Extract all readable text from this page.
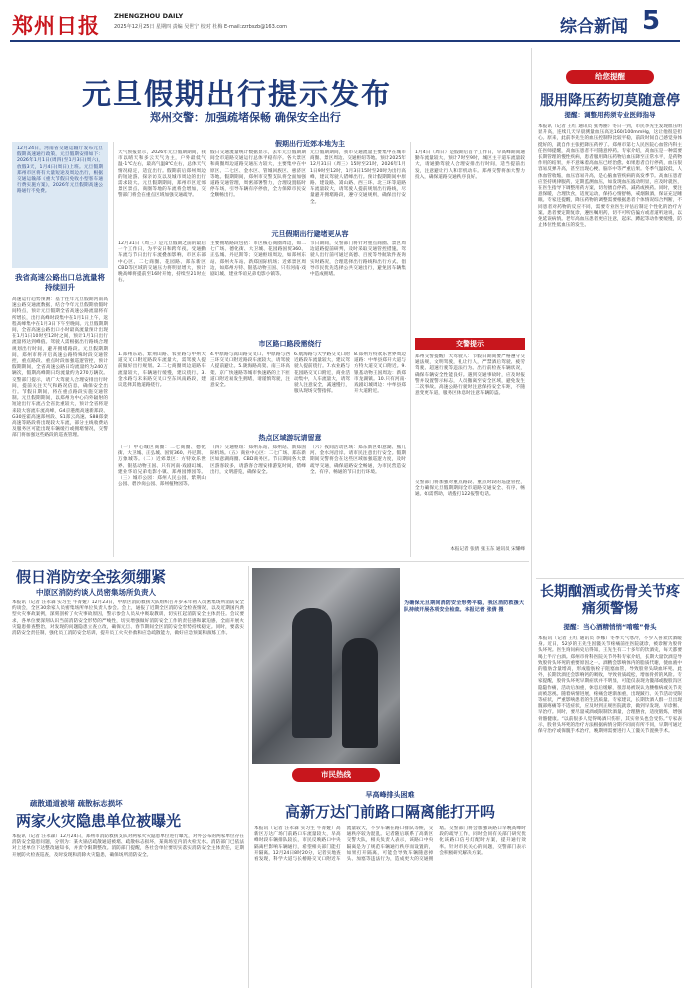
郑州日报 ZHENGZHOU DAILY
2025年12月25日 星期四 责编 吴世宁 校对 杜梅 E-mail:zzrbszb@163.com	综合新闻 5
元旦假期出行提示发布
郑州交警：加强疏堵保畅 确保安全出行
12月24日，河南省交通运输厅发布元旦假期高速通行政策，元旦假期安排如下：2026年1月1日(周四)至1月3日(周六)，放假3天，1月4日(周日)上班。元旦假期郑州市区将有大量短途及周边出行，根据交通运输部《重大节假日免收小型客车通行费实施方案》，2026年元旦假期高速公路通行不免费。
我省高速公路出口总流量将持续回升
高速运行趋势预测：基于往年元旦假期河南高速公路交通流数据，结合今年元旦假期放假时间特点，预计元旦假期全省高速公路流量将有所增长，出行高峰时段集中在1月1日上午，返程高峰集中在1月3日下午至晚间。元旦假期期间，全省高速公路出口小时最高流量预计出现在1月1日10时至12时之间，预计1月1日出行流量将达到峰值。驾驶人需根据出行路线合理规划出行时间，避开拥堵路段。元旦假期期间，郑州市将开启高速公路特殊时段交通管控，重点路段、重点时段加强巡逻管控，预计假期期间，全省高速公路日均流量约为240万辆次，假期高峰期日均流量约为270万辆次。交警部门提示，请广大驾驶人合理安排出行时间，提前关注天气和路况信息，确保安全出行。节假日期间，将在重点路段实施交通管制。元旦假期期间，以郑州为中心向外辐射的短途出行车流占全省比重较大，预计全省将迎来较大客流车流高峰，G4京港澳高速新郑段、G30连霍高速郑州段、S1郑云高速、S88郑栾高速等路段将出现较大车流，部分主线收费站及服务区可能出现车辆缓行或拥堵情况，交警部门将加强这些路段的巡查管理。
假期出行近郊本地为主
天气预报显示，2026年元旦假期期间，我市以晴天和多云天气为主，户外最低气温-1℃左右，最高气温8℃左右，总体天气情况稳定，适宜出行。假期前后郑州周边的短途游、探亲访友以及城市周边的出行需求较大。元旦假期期间，郑州市区近郊景区景点、商圈等地的车流将会增加，交警部门将会在重点区域加强交通疏导。
假日交通流量统计数据显示，去年元旦假期期间全市道路交通运行总体平稳有序。各大景区和商圈周边道路交通压力较大，主要集中在中原区、二七区、金水区、管城回族区、惠济区等地。假期期间，郑州市交警支队将全面加强道路交通管理，周密部署警力，合理设置临时停车场，引导车辆有序停放，全力保障市民安全顺畅出行。
元旦假期期间，我市交通流量主要集中在城市商圈、景区周边、交通枢纽等地。预计2025年12月31日（周三）15时至21时，2026年1月1日9时至12时，1月3日15时至20时为出行高峰，建议驾驶人错峰出行。预计假期期间中原路、建设路、嵩山路、西三环、北三环等道路车流量较大，请驾驶人提前规划出行路线，尽量避开拥堵路段，遵守交通规则，确保出行安全。
元旦假期出行避堵更从容
12月31日（周三）是元旦假期之前的最后一个工作日，为平安日和跨年夜。受通勤车流与节日出行车流叠加影响，市区东部中心区、二七商圈、花园路、郑东新区CBD等区域的交通压力将明显增大，预计晚高峰将提前至16时开始，持续至21时左右。
主要拥堵路段包括：市区核心商圈周边，如二七广场、德化街、大卫城、花园路国贸360、正弘城、丹尼斯等；交通枢纽周边，如郑州东站、郑州火车站、新郑国际机场；近郊景区周边，如郑州方特、银基动物王国、只有河南·戏剧幻城、建业华谊兄弟电影小镇等。
节日期间，交警部门将针对重点商圈、景区周边道路提前研判，及时采取交通管控措施。驾驶人出行前可通过高德、百度等导航软件查询实时路况，合理选择出行路线和出行方式。倡导市民优先选择公共交通出行，避免因车辆集中造成拥堵。
市区路口路段需绕行
1.郑州东站、紫荆山路、农业路与中州大道交叉口附近路段车流量大，需驾驶人提前做好出行规划。2.二七商圈周边道路车流量较大，车辆通行缓慢，建议绕行。3.金水路与未来路交叉口至东风南路段，建议选择其他道路绕行。
4.中原路与嵩山路交叉口、中原路与西三环交叉口附近路段车流较大，请驾驶人提前避让。5.陇海路高架、南三环高架、京广快速路等城市快速路的上下匝道口附近易发生拥堵，请谨慎驾驶，注意安全。
6.航海路与大学路交叉口附近路段车流量较大，建议驾驶人提前绕行。7.农业路与花园路交叉口附近，商业活动集中，人车流量大，请驾驶人注意安全，减速慢行，服从现场交警指挥。
8.郑州方特欢乐世界周边道路：中牟县郑开大道与方特大道交叉口附近。9.银基动物王国周边：新郑市龙湖镇。10.只有河南·戏剧幻城周边：中牟县郑开大道附近。
热点区域游玩请留意
（一）中心城区商圈：二七商圈、德化街、大卫城、正弘城、国贸360、丹尼斯、万象城等。（二）近郊景区：方特欢乐世界、银基动物王国、只有河南·戏剧幻城、建业华谊兄弟电影小镇、郑州园博园等。（三）城市公园：郑州人民公园、紫荆山公园、碧沙岗公园、郑州植物园等。
（四）交通枢纽：郑州东站、郑州站、新郑国际机场。（五）商业中心区：二七广场、郑东新区如意湖商圈、CBD商务区。节日期间各大景区游客较多，请游客合理安排游览时间，错峰出行，文明游览，确保安全。
（六）夜间活动区域：郑东新区如意湖、熊儿河、金水河沿岸。请市民注意出行安全。假期期间交警将会在这些区域加强巡逻力度，及时疏导交通，确保道路安全畅通，为市民营造安全、有序、畅通的节日出行环境。
1月4日（周日）是假期后首个工作日，早高峰期间通勤车流量较大，预计7时至9时，城区主干道车流量较大，请通勤驾驶人合理安排出行时间，适当提前出发，注意避让行人和非机动车。郑州交警将加大警力投入，确保道路交通秩序良好。
交警提示
郑州交警提醒广大驾驶人：节假日期间要严格遵守交通法规，文明驾驶，礼让行人，严禁酒后驾驶、疲劳驾驶、超速行驶等违法行为。出行前检查车辆状况，确保车辆安全性能良好。遇到交通事故时，应及时报警并设置警示标志，人员撤离至安全区域，避免发生二次事故。高速公路行驶时注意保持安全车距，不随意变更车道，服务区休息时注意车辆防盗。
交警部门将加强对重点路段、重点时段的巡逻管控，全力确保元旦假期期间全市道路交通安全、有序、畅通。如需帮助，请拨打122报警电话。
本报记者 张倩 张玉东 通讯员 宋耀峰
假日消防安全弦须绷紧
中原区消防约谈人员密集场所负责人
本报讯（记者 汪永森 实习生 牛菁娅）12月23日，中原区消防救援大队组织召开岁末年初人员密集场所消防安全约谈会，全区30余家人员密集场所单位负责人参会。会上，通报了近期全区消防安全检查情况，以及近期国内典型火灾事故案例，深刻剖析了火灾事故原因，警示参会人员从中吸取教训，切实扛起消防安全主体责任。会议要求，各单位要深刻认识当前消防安全形势的严峻性，切实增强做好消防安全工作的责任感和紧迫感，全面开展火灾隐患排查整治，对发现的问题隐患立查立改，确保元旦、春节期间全区消防安全形势持续稳定。同时，要落实消防安全责任制，强化员工消防安全培训，提升员工火灾扑救和应急疏散能力，做好应急预案和演练工作。
为确保元旦期间消防安全形势平稳，我区消防救援大队持续开展各项安全检查。本报记者 张倩 摄
疏散通道被堵 疏散标志损坏
两家火灾隐患单位被曝光
本报讯（记者 汪永森）12月24日，郑州市消防救援支队对两家火灾隐患单位进行曝光，对外公布的两家单位存在消防安全隐患问题，分别为：某火锅店疏散通道被堵、疏散标志损坏，某商场室内消火栓无水。消防部门已依法对上述单位下达整改通知书，并责令限期整改。消防部门提醒，各社会单位要切实落实消防安全主体责任，定期开展防火检查巡查，及时发现和消除火灾隐患，确保场所消防安全。
市民热线
早高峰排头困难
高新万达门前路口隔离能打开吗
本报讯（记者 汪永森 实习生 牛菁娅）高新区万达广场门前路口车流量较大，早高峰时段车辆排队较长，市民反映路口中央隔离栏影响车辆通行，希望相关部门能打开隔离。12月24日8时20分，记者实地查看发现，科学大道与长椿路交叉口附近车流量较大，不少车辆在路口排队等候，交通秩序较为混乱。记者随后联系了高新区交警大队，相关负责人表示，该路口中央隔离是为了规范车辆通行秩序而设置的，如果打开隔离，可能会导致车辆随意掉头、加塞等违法行为，造成更大的交通拥堵。交警部门将会加强该路口早晚高峰时段的疏导工作，同时会同有关部门研究优化该路口信号灯配时方案，提升通行效率。针对市民关心的问题，交警部门表示会积极研究解决方案。
给您提醒
服用降压药切莫随意停
提醒：调整用药须专业医师指导
本报讯（记者 王红 通讯员 张秀丽）冬日一到，市民李先生发现血压明显升高，连续几天早晨测量血压高达160/100mmHg，这让他很是担心。原来，此前李先生的血压控制得比较平稳，前段时间自己感觉身体挺好的，就自作主张把降压药停了。郑州市第七人民医院心血管内科主任医师提醒，高血压患者不可随意停药。专家介绍，高血压是一种需要长期管理的慢性疾病，患者服用降压药物后血压降至正常水平，是药物作用的结果，并不意味着高血压已经治愈。如果患者自行停药，血压很容易反弹升高，甚至出现心梗、脑卒中等严重后果。冬季气温较低，人体血管收缩，血压容易升高，是心脑血管疾病的高发季节。高血压患者应坚持规律服药，定期监测血压，如发现血压波动明显，应及时就医，在医生指导下调整用药方案，切勿擅自停药、减药或换药。同时，要注意保暖，合理饮食，适度运动，保持心情舒畅，戒烟限酒，保证充足睡眠。专家还提醒，降压药物的调整需要根据患者个体情况综合判断，不同患者对药物的反应不同，需要专业医生评估后制定个性化的治疗方案。患者要定期复诊，遵医嘱用药，切不可听信偏方或者道听途说，以免延误病情。老年高血压患者更应注意，起床、蹲起等动作要缓慢，防止体位性低血压的发生。
长期酗酒或伤骨关节疼痛须警惕
提醒：当心酒精悄悄“啃噬”骨头
本报讯（记者 王红 通讯员 李娜）冬季天气寒冷，不少人喜欢饮酒暖身。近日，52岁的王先生因髋关节疼痛前往医院就诊，被诊断为股骨头坏死。医生询问病史后得知，王先生有二十多年的饮酒史，每天都要喝上半斤白酒。郑州市骨科医院关节外科专家介绍，长期大量饮酒是导致股骨头坏死的重要原因之一。酒精会影响体内的脂质代谢，使血液中的脂肪含量增高，形成脂肪栓子阻塞血管，导致股骨头缺血坏死。此外，长期饮酒还会影响钙的吸收，导致骨质疏松，增加骨折的风险。专家提醒，股骨头坏死早期症状并不明显，可能仅表现为髋部或腹股沟区隐隐作痛，活动后加重，休息后缓解，很容易被误认为腰椎病或关节炎而被忽视。随着病情进展，疼痛会逐渐加重，出现跛行、关节活动受限等症状，严重影响患者的生活质量。专家建议，长期饮酒人群一旦出现髋部疼痛等不适症状，应及时到正规医院就诊，做到早发现、早诊断、早治疗。同时，要尽量戒酒或限制饮酒量，合理膳食，适度锻炼，增强骨骼健康。“以前很多人觉得喝酒只伤肝，其实骨头也会受伤。”专家表示，股骨头坏死的治疗方法根据病情分期不同而有所不同，早期可通过保守治疗或保髋手术治疗，晚期则需要进行人工髋关节置换手术。
